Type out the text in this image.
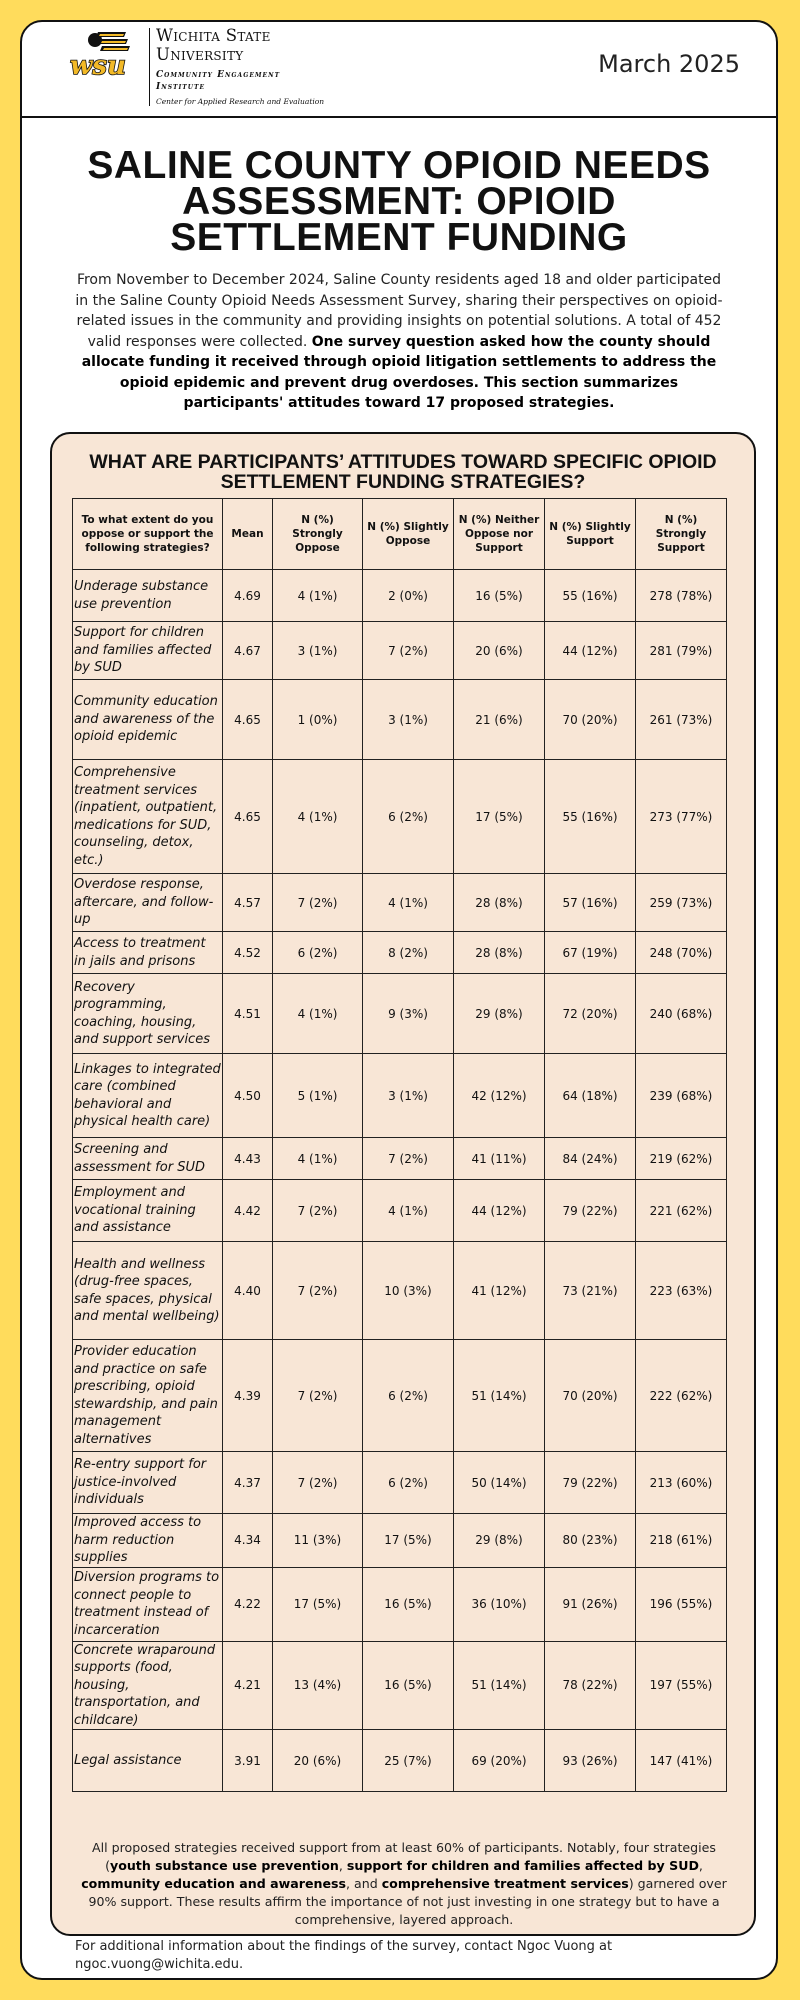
wsu
Wichita State
University
Community Engagement
Institute
Center for Applied Research and Evaluation
March 2025
SALINE COUNTY OPIOID NEEDS ASSESSMENT: OPIOID SETTLEMENT FUNDING
From November to December 2024, Saline County residents aged 18 and older participated in the Saline County Opioid Needs Assessment Survey, sharing their perspectives on opioid-related issues in the community and providing insights on potential solutions. A total of 452 valid responses were collected. One survey question asked how the county should allocate funding it received through opioid litigation settlements to address the opioid epidemic and prevent drug overdoses. This section summarizes participants' attitudes toward 17 proposed strategies.
WHAT ARE PARTICIPANTS’ ATTITUDES TOWARD SPECIFIC OPIOID SETTLEMENT FUNDING STRATEGIES?
To what extent do you oppose or support the following strategies?	Mean	N (%) Strongly Oppose	N (%) Slightly Oppose	N (%) Neither Oppose nor Support	N (%) Slightly Support	N (%) Strongly Support
Underage substance use prevention	4.69	4 (1%)	2 (0%)	16 (5%)	55 (16%)	278 (78%)
Support for children and families affected by SUD	4.67	3 (1%)	7 (2%)	20 (6%)	44 (12%)	281 (79%)
Community education and awareness of the opioid epidemic	4.65	1 (0%)	3 (1%)	21 (6%)	70 (20%)	261 (73%)
Comprehensive treatment services (inpatient, outpatient, medications for SUD, counseling, detox, etc.)	4.65	4 (1%)	6 (2%)	17 (5%)	55 (16%)	273 (77%)
Overdose response, aftercare, and follow-up	4.57	7 (2%)	4 (1%)	28 (8%)	57 (16%)	259 (73%)
Access to treatment in jails and prisons	4.52	6 (2%)	8 (2%)	28 (8%)	67 (19%)	248 (70%)
Recovery programming, coaching, housing, and support services	4.51	4 (1%)	9 (3%)	29 (8%)	72 (20%)	240 (68%)
Linkages to integrated care (combined behavioral and physical health care)	4.50	5 (1%)	3 (1%)	42 (12%)	64 (18%)	239 (68%)
Screening and assessment for SUD	4.43	4 (1%)	7 (2%)	41 (11%)	84 (24%)	219 (62%)
Employment and vocational training and assistance	4.42	7 (2%)	4 (1%)	44 (12%)	79 (22%)	221 (62%)
Health and wellness (drug-free spaces, safe spaces, physical and mental wellbeing)	4.40	7 (2%)	10 (3%)	41 (12%)	73 (21%)	223 (63%)
Provider education and practice on safe prescribing, opioid stewardship, and pain management alternatives	4.39	7 (2%)	6 (2%)	51 (14%)	70 (20%)	222 (62%)
Re-entry support for justice-involved individuals	4.37	7 (2%)	6 (2%)	50 (14%)	79 (22%)	213 (60%)
Improved access to harm reduction supplies	4.34	11 (3%)	17 (5%)	29 (8%)	80 (23%)	218 (61%)
Diversion programs to connect people to treatment instead of incarceration	4.22	17 (5%)	16 (5%)	36 (10%)	91 (26%)	196 (55%)
Concrete wraparound supports (food, housing, transportation, and childcare)	4.21	13 (4%)	16 (5%)	51 (14%)	78 (22%)	197 (55%)
Legal assistance	3.91	20 (6%)	25 (7%)	69 (20%)	93 (26%)	147 (41%)
All proposed strategies received support from at least 60% of participants. Notably, four strategies (youth substance use prevention, support for children and families affected by SUD, community education and awareness, and comprehensive treatment services) garnered over 90% support. These results affirm the importance of not just investing in one strategy but to have a comprehensive, layered approach.
For additional information about the findings of the survey, contact Ngoc Vuong at ngoc.vuong@wichita.edu.
